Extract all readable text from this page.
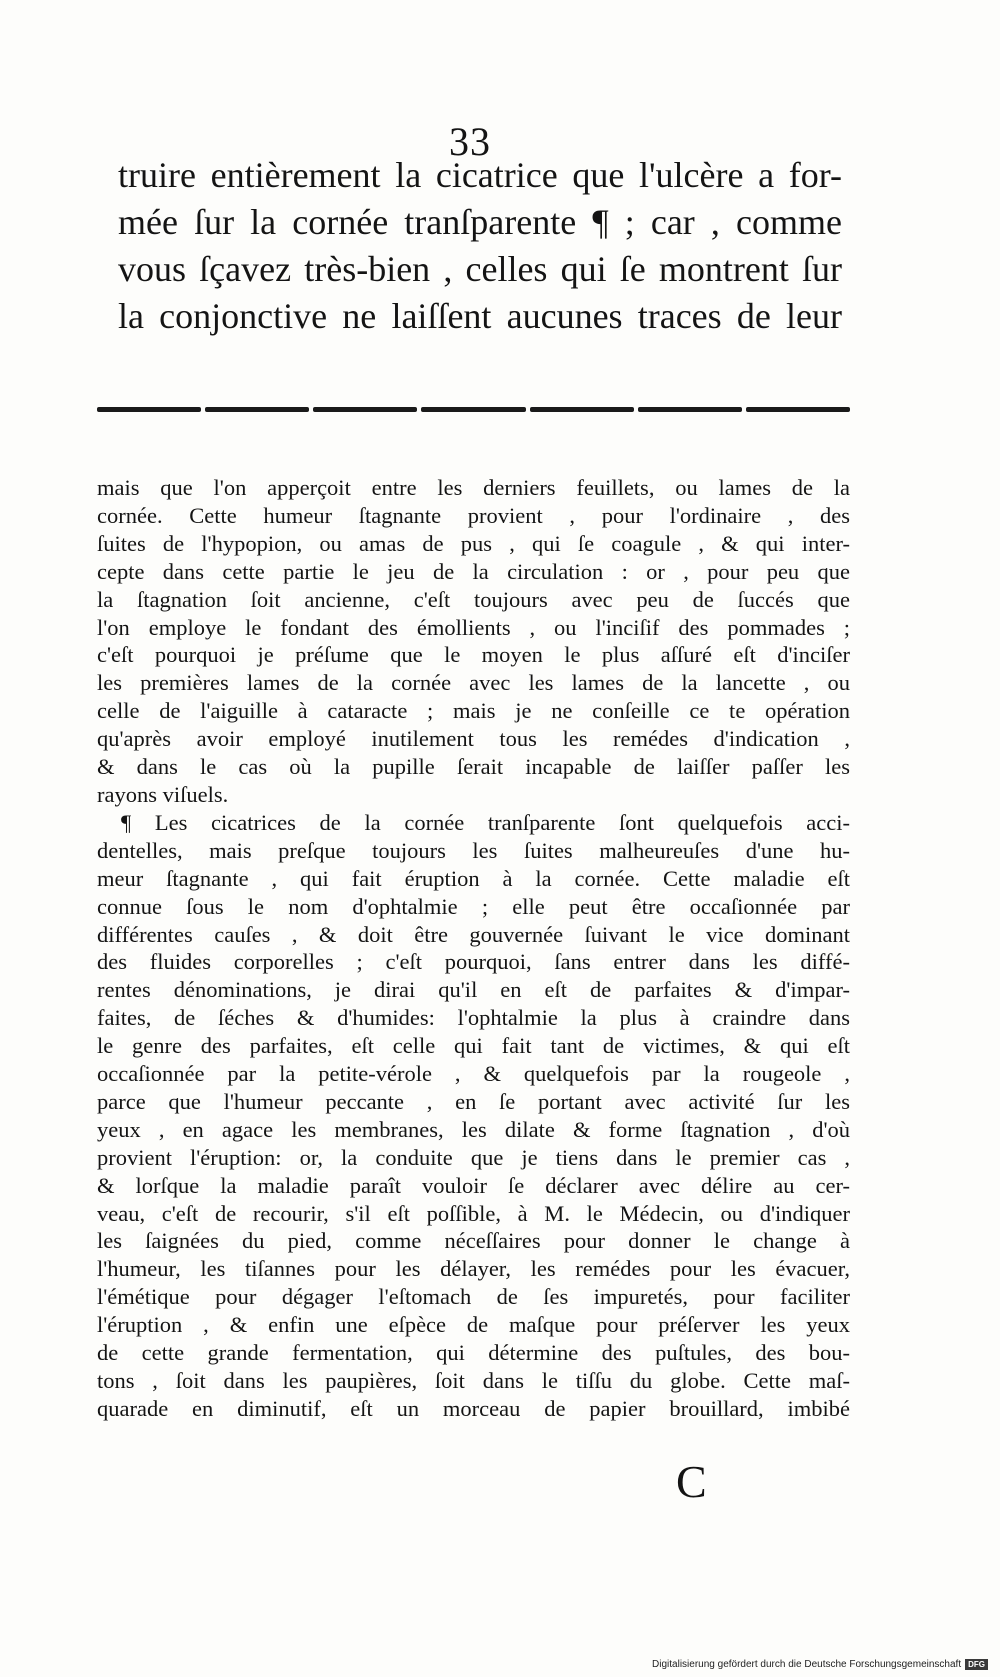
33
truire entièrement la cicatrice que l'ulcère a for-
mée ſur la cornée tranſparente ¶ ; car , comme
vous ſçavez très-bien , celles qui ſe montrent ſur
la conjonctive ne laiſſent aucunes traces de leur
mais que l'on apperçoit entre les derniers feuillets, ou lames de la
cornée. Cette humeur ſtagnante provient , pour l'ordinaire , des
ſuites de l'hypopion, ou amas de pus , qui ſe coagule , & qui inter-
cepte dans cette partie le jeu de la circulation : or , pour peu que
la ſtagnation ſoit ancienne, c'eſt toujours avec peu de ſuccés que
l'on employe le fondant des émollients , ou l'inciſif des pommades ;
c'eſt pourquoi je préſume que le moyen le plus aſſuré eſt d'inciſer
les premières lames de la cornée avec les lames de la lancette , ou
celle de l'aiguille à cataracte ; mais je ne conſeille ce te opération
qu'après avoir employé inutilement tous les remédes d'indication ,
& dans le cas où la pupille ſerait incapable de laiſſer paſſer les
rayons viſuels.
¶ Les cicatrices de la cornée tranſparente ſont quelquefois acci-
dentelles, mais preſque toujours les ſuites malheureuſes d'une hu-
meur ſtagnante , qui fait éruption à la cornée. Cette maladie eſt
connue ſous le nom d'ophtalmie ; elle peut être occaſionnée par
différentes cauſes , & doit être gouvernée ſuivant le vice dominant
des fluides corporelles ; c'eſt pourquoi, ſans entrer dans les diffé-
rentes dénominations, je dirai qu'il en eſt de parfaites & d'impar-
faites, de ſéches & d'humides: l'ophtalmie la plus à craindre dans
le genre des parfaites, eſt celle qui fait tant de victimes, & qui eſt
occaſionnée par la petite-vérole , & quelquefois par la rougeole ,
parce que l'humeur peccante , en ſe portant avec activité ſur les
yeux , en agace les membranes, les dilate & forme ſtagnation , d'où
provient l'éruption: or, la conduite que je tiens dans le premier cas ,
& lorſque la maladie paraît vouloir ſe déclarer avec délire au cer-
veau, c'eſt de recourir, s'il eſt poſſible, à M. le Médecin, ou d'indiquer
les ſaignées du pied, comme néceſſaires pour donner le change à
l'humeur, les tiſannes pour les délayer, les remédes pour les évacuer,
l'émétique pour dégager l'eſtomach de ſes impuretés, pour faciliter
l'éruption , & enfin une eſpèce de maſque pour préſerver les yeux
de cette grande fermentation, qui détermine des puſtules, des bou-
tons , ſoit dans les paupières, ſoit dans le tiſſu du globe. Cette maſ-
quarade en diminutif, eſt un morceau de papier brouillard, imbibé
C
Digitalisierung gefördert durch die Deutsche Forschungsgemeinschaft DFG
